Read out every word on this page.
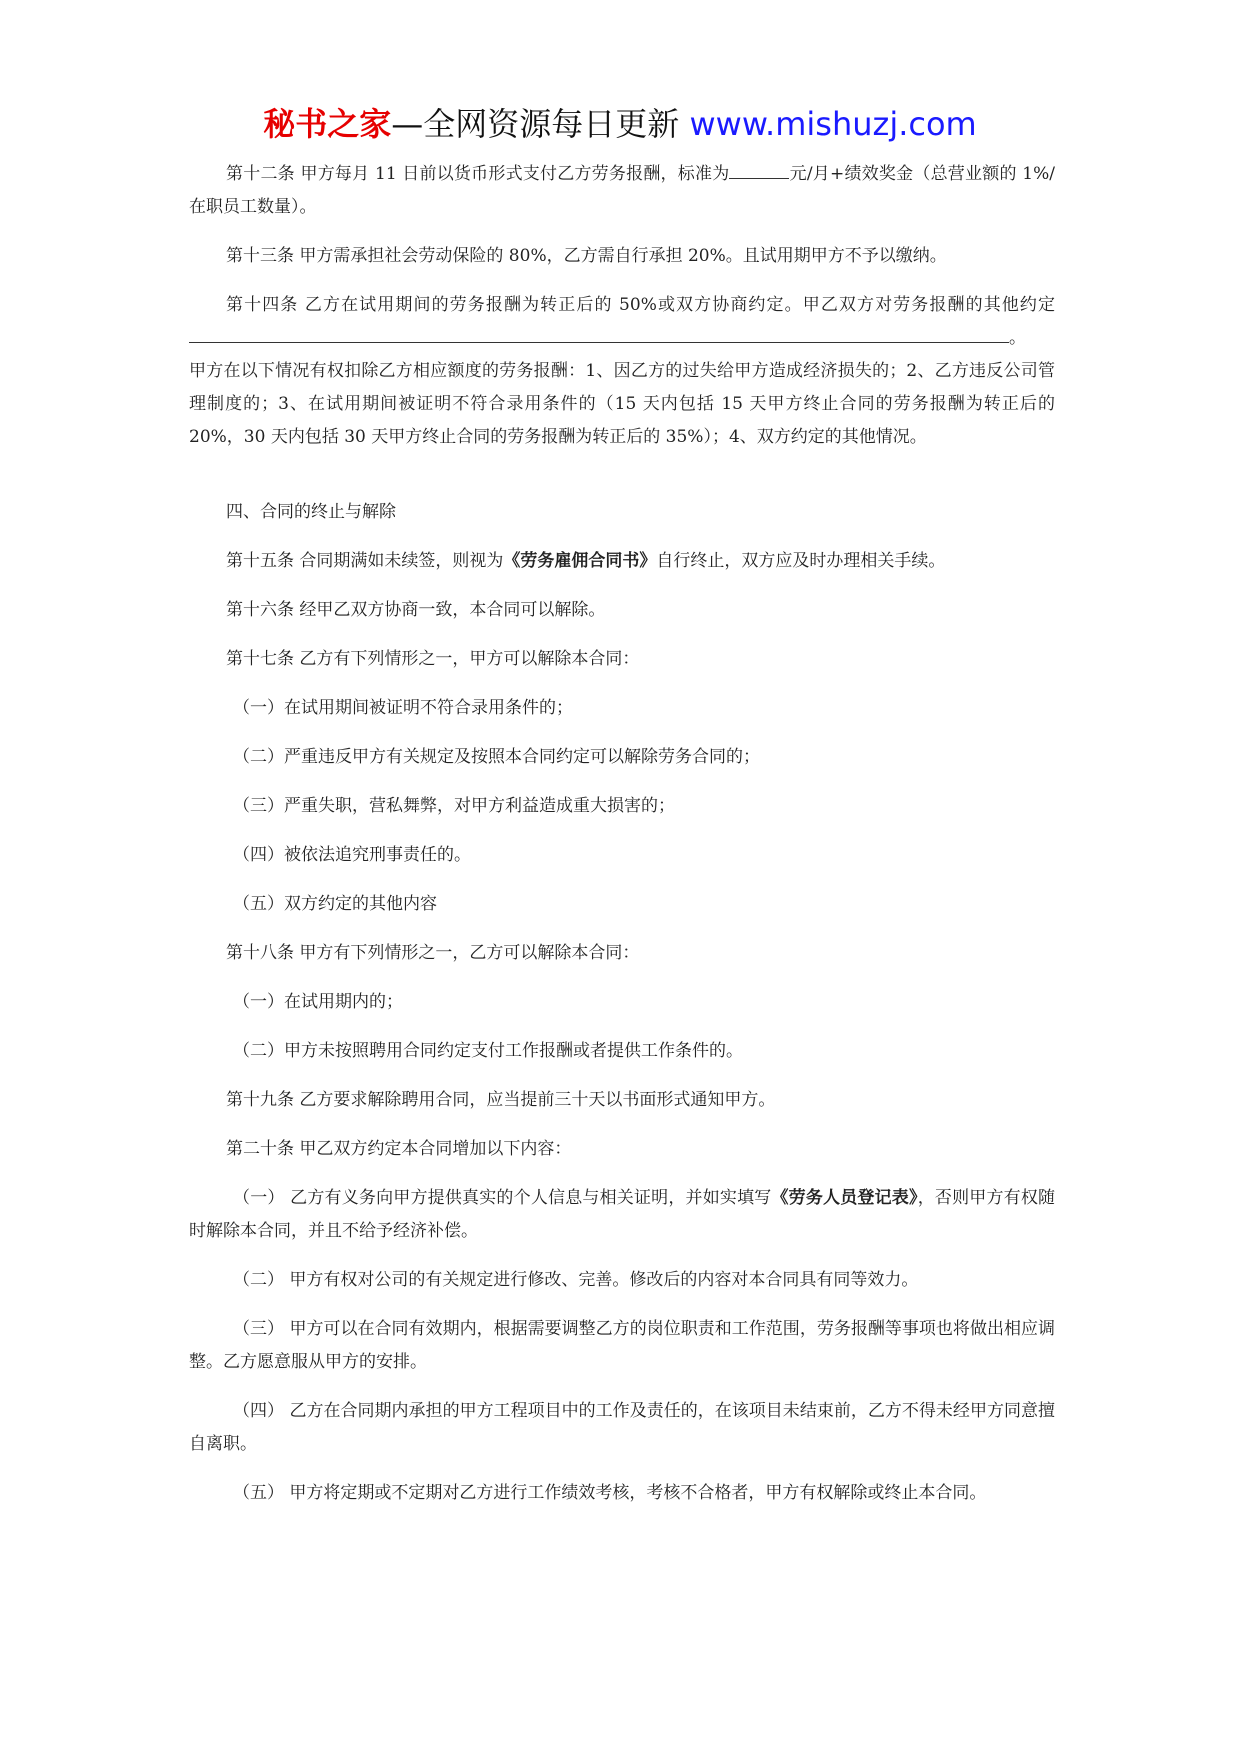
秘书之家—全网资源每日更新 www.mishuzj.com

第十二条 甲方每月 11 日前以货币形式支付乙方劳务报酬，标准为	元/月+绩效奖金（总营业额的 1%/在职员工数量）。

第十三条 甲方需承担社会劳动保险的 80%，乙方需自行承担 20%。且试用期甲方不予以缴纳。

第十四条 乙方在试用期间的劳务报酬为转正后的 50%或双方协商约定。甲乙双方对劳务报酬的其他约定。

甲方在以下情况有权扣除乙方相应额度的劳务报酬：1、因乙方的过失给甲方造成经济损失的；2、乙方违反公司管理制度的；3、在试用期间被证明不符合录用条件的（15 天内包括 15 天甲方终止合同的劳务报酬为转正后的 20%，30 天内包括 30 天甲方终止合同的劳务报酬为转正后的 35%）；4、双方约定的其他情况。

四、合同的终止与解除

第十五条 合同期满如未续签，则视为《劳务雇佣合同书》自行终止，双方应及时办理相关手续。

第十六条 经甲乙双方协商一致，本合同可以解除。

第十七条 乙方有下列情形之一，甲方可以解除本合同：

（一）在试用期间被证明不符合录用条件的；

（二）严重违反甲方有关规定及按照本合同约定可以解除劳务合同的；

（三）严重失职，营私舞弊，对甲方利益造成重大损害的；

（四）被依法追究刑事责任的。

（五）双方约定的其他内容

第十八条 甲方有下列情形之一，乙方可以解除本合同：

（一）在试用期内的；

（二）甲方未按照聘用合同约定支付工作报酬或者提供工作条件的。

第十九条 乙方要求解除聘用合同，应当提前三十天以书面形式通知甲方。

第二十条 甲乙双方约定本合同增加以下内容：

（一） 乙方有义务向甲方提供真实的个人信息与相关证明，并如实填写《劳务人员登记表》，否则甲方有权随时解除本合同，并且不给予经济补偿。

（二） 甲方有权对公司的有关规定进行修改、完善。修改后的内容对本合同具有同等效力。

（三） 甲方可以在合同有效期内，根据需要调整乙方的岗位职责和工作范围，劳务报酬等事项也将做出相应调整。乙方愿意服从甲方的安排。

（四） 乙方在合同期内承担的甲方工程项目中的工作及责任的，在该项目未结束前，乙方不得未经甲方同意擅自离职。

（五） 甲方将定期或不定期对乙方进行工作绩效考核，考核不合格者，甲方有权解除或终止本合同。
